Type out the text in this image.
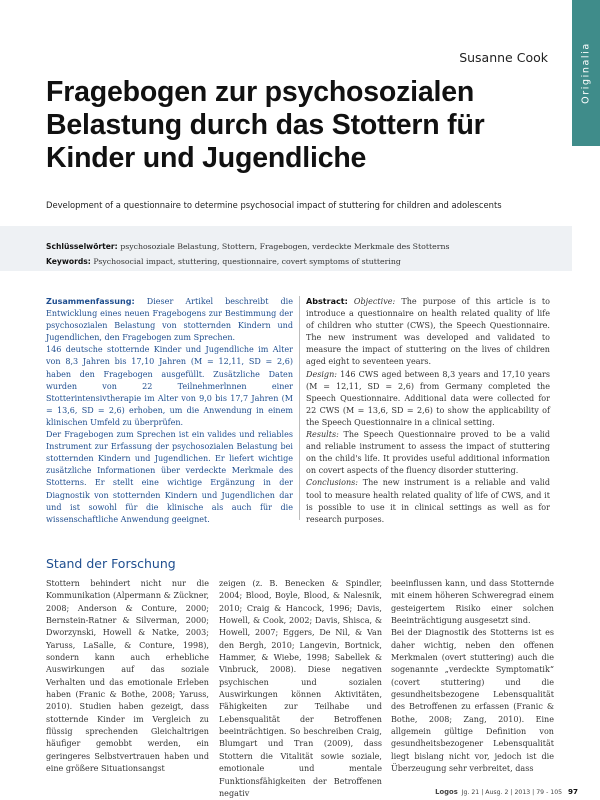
Originalia
Susanne Cook
Fragebogen zur psychosozialen
Belastung durch das Stottern für
Kinder und Jugendliche
Development of a questionnaire to determine psychosocial impact of stuttering for children and adolescents
Schlüsselwörter: psychosoziale Belastung, Stottern, Fragebogen, verdeckte Merkmale des Stotterns
Keywords: Psychosocial impact, stuttering, questionnaire, covert symptoms of stuttering

Zusammenfassung: Dieser Artikel beschreibt die Entwicklung eines neuen Fragebogens zur Bestimmung der psychosozialen Belastung von stotternden Kindern und Jugendlichen, den Fragebogen zum Sprechen.

146 deutsche stotternde Kinder und Jugendliche im Alter von 8,3 Jahren bis 17,10 Jahren (M = 12,11, SD = 2,6) haben den Fragebogen ausgefüllt. Zusätzliche Daten wurden von 22 Teilnehmerlnnen einer Stotterintensivtherapie im Alter von 9,0 bis 17,7 Jahren (M = 13,6, SD = 2,6) erhoben, um die Anwendung in einem klinischen Umfeld zu überprüfen.

Der Fragebogen zum Sprechen ist ein valides und reliables Instrument zur Erfassung der psychosozialen Belastung bei stotternden Kindern und Jugendlichen. Er liefert wichtige zusätzliche Informationen über verdeckte Merkmale des Stotterns. Er stellt eine wichtige Ergänzung in der Diagnostik von stotternden Kindern und Jugendlichen dar und ist sowohl für die klinische als auch für die wissenschaftliche Anwendung geeignet.

Abstract: Objective: The purpose of this article is to introduce a questionnaire on health related quality of life of children who stutter (CWS), the Speech Questionnaire. The new instrument was developed and validated to measure the impact of stuttering on the lives of children aged eight to seventeen years.

Design: 146 CWS aged between 8,3 years and 17,10 years (M = 12,11, SD = 2,6) from Germany completed the Speech Questionnaire. Additional data were collected for 22 CWS (M = 13,6, SD = 2,6) to show the applicability of the Speech Questionnaire in a clinical setting.

Results: The Speech Questionnaire proved to be a valid and reliable instrument to assess the impact of stuttering on the child's life. It provides useful additional information on covert aspects of the fluency disorder stuttering.

Conclusions: The new instrument is a reliable and valid tool to measure health related quality of life of CWS, and it is possible to use it in clinical settings as well as for research purposes.

Stand der Forschung

Stottern behindert nicht nur die Kommunikation (Alpermann & Zückner, 2008; Anderson & Conture, 2000; Bernstein-Ratner & Silverman, 2000; Dworzynski, Howell & Natke, 2003; Yaruss, LaSalle, & Conture, 1998), sondern kann auch erhebliche Auswirkungen auf das soziale Verhalten und das emotionale Erleben haben (Franic & Bothe, 2008; Yaruss, 2010). Studien haben gezeigt, dass stotternde Kinder im Vergleich zu flüssig sprechenden Gleichaltrigen häufiger gemobbt werden, ein geringeres Selbstvertrauen haben und eine größere Situationsangst

zeigen (z. B. Benecken & Spindler, 2004; Blood, Boyle, Blood, & Nalesnik, 2010; Craig & Hancock, 1996; Davis, Howell, & Cook, 2002; Davis, Shisca, & Howell, 2007; Eggers, De Nil, & Van den Bergh, 2010; Langevin, Bortnick, Hammer, & Wiebe, 1998; Sabellek & Vinbruck, 2008). Diese negativen psychischen und sozialen Auswirkungen können Aktivitäten, Fähigkeiten zur Teilhabe und Lebensqualität der Betroffenen beeinträchtigen. So beschreiben Craig, Blumgart und Tran (2009), dass Stottern die Vitalität sowie soziale, emotionale und mentale Funktionsfähigkeiten der Betroffenen negativ

beeinflussen kann, und dass Stotternde mit einem höheren Schweregrad einem gesteigertem Risiko einer solchen Beeinträchtigung ausgesetzt sind.

Bei der Diagnostik des Stotterns ist es daher wichtig, neben den offenen Merkmalen (overt stuttering) auch die sogenannte „verdeckte Symptomatik“ (covert stuttering) und die gesundheitsbezogene Lebensqualität des Betroffenen zu erfassen (Franic & Bothe, 2008; Zang, 2010). Eine allgemein gültige Definition von gesundheitsbezogener Lebensqualität liegt bislang nicht vor, jedoch ist die Überzeugung sehr verbreitet, dass

Logos Jg. 21 | Ausg. 2 | 2013 | 79 - 105 97
